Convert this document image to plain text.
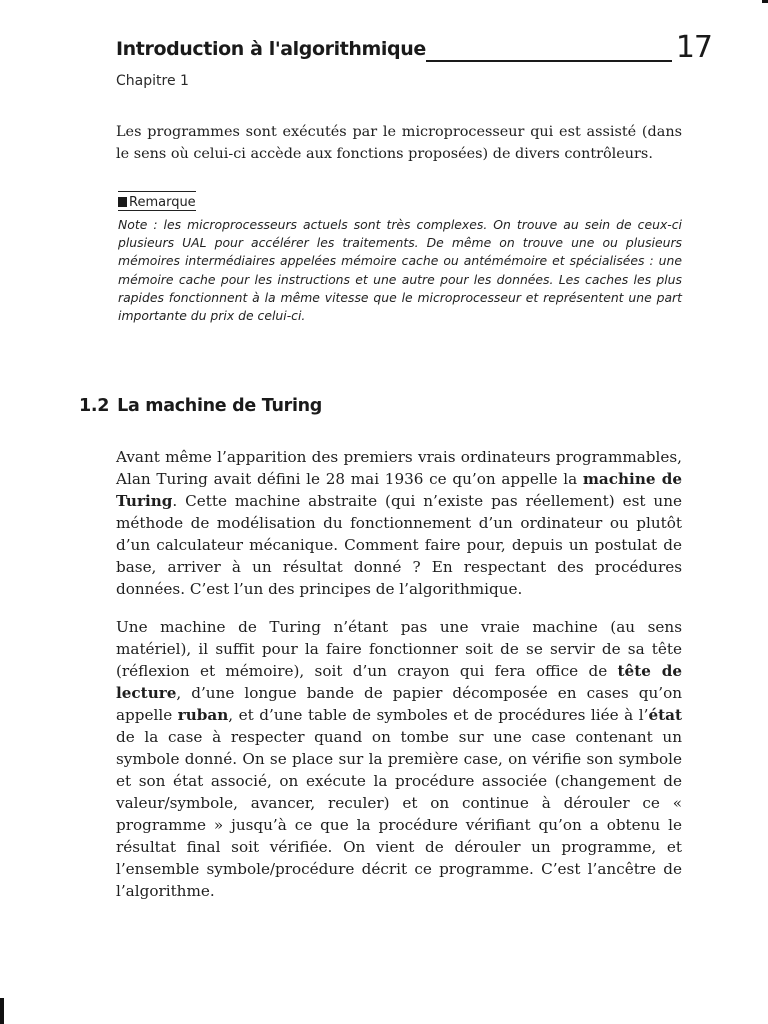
Introduction à l'algorithmique	17
Chapitre 1

Les programmes sont exécutés par le microprocesseur qui est assisté (dans le sens où celui-ci accède aux fonctions proposées) de divers contrôleurs.

Remarque

Note : les microprocesseurs actuels sont très complexes. On trouve au sein de ceux-ci plusieurs UAL pour accélérer les traitements. De même on trouve une ou plusieurs mémoires intermédiaires appelées mémoire cache ou antémémoire et spécialisées : une mémoire cache pour les instructions et une autre pour les données. Les caches les plus rapides fonctionnent à la même vitesse que le microprocesseur et représentent une part importante du prix de celui-ci.

1.2 La machine de Turing

Avant même l’apparition des premiers vrais ordinateurs programmables, Alan Turing avait défini le 28 mai 1936 ce qu’on appelle la machine de Turing. Cette machine abstraite (qui n’existe pas réellement) est une méthode de modélisation du fonctionnement d’un ordinateur ou plutôt d’un calculateur mécanique. Comment faire pour, depuis un postulat de base, arriver à un résultat donné ? En respectant des procédures données. C’est l’un des principes de l’algorithmique.

Une machine de Turing n’étant pas une vraie machine (au sens matériel), il suffit pour la faire fonctionner soit de se servir de sa tête (réflexion et mémoire), soit d’un crayon qui fera office de tête de lecture, d’une longue bande de papier décomposée en cases qu’on appelle ruban, et d’une table de symboles et de procédures liée à l’état de la case à respecter quand on tombe sur une case contenant un symbole donné. On se place sur la première case, on vérifie son symbole et son état associé, on exécute la procédure associée (changement de valeur/symbole, avancer, reculer) et on continue à dérouler ce « programme » jusqu’à ce que la procédure vérifiant qu’on a obtenu le résultat final soit vérifiée. On vient de dérouler un programme, et l’ensemble symbole/procédure décrit ce programme. C’est l’ancêtre de l’algorithme.
